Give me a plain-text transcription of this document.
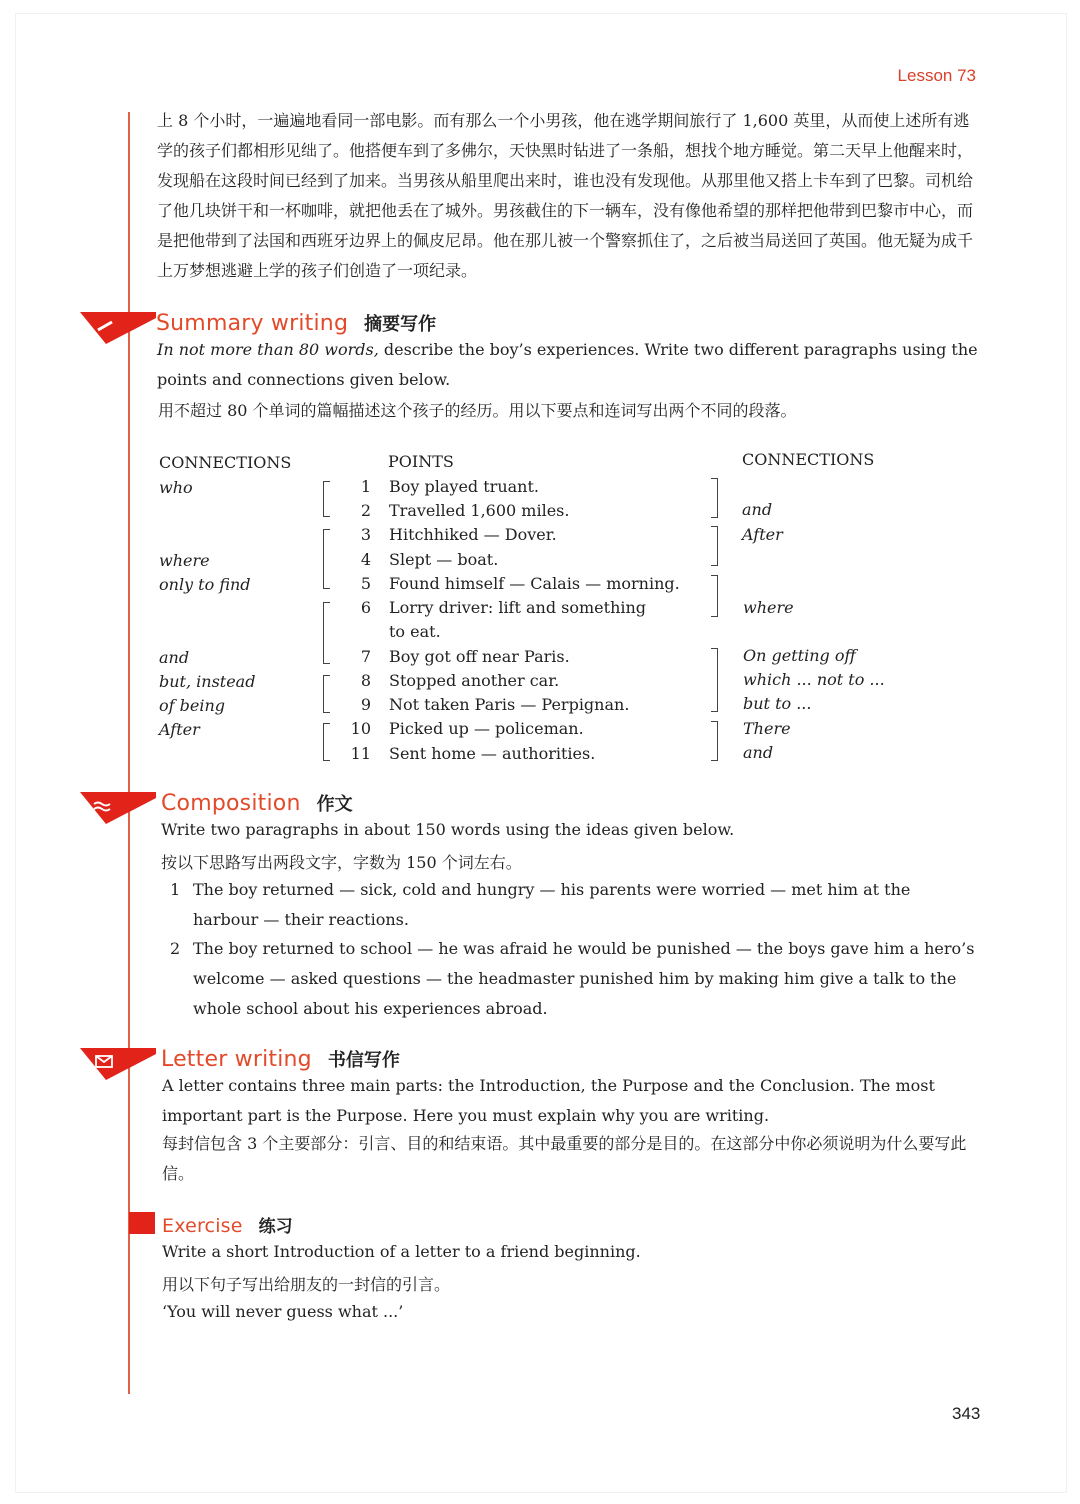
Lesson 73
上 8 个小时，一遍遍地看同一部电影。而有那么一个小男孩，他在逃学期间旅行了 1,600 英里，从而使上述所有逃学的孩子们都相形见绌了。他搭便车到了多佛尔，天快黑时钻进了一条船，想找个地方睡觉。第二天早上他醒来时，发现船在这段时间已经到了加来。当男孩从船里爬出来时，谁也没有发现他。从那里他又搭上卡车到了巴黎。司机给了他几块饼干和一杯咖啡，就把他丢在了城外。男孩截住的下一辆车，没有像他希望的那样把他带到巴黎市中心，而是把他带到了法国和西班牙边界上的佩皮尼昂。他在那儿被一个警察抓住了，之后被当局送回了英国。他无疑为成千上万梦想逃避上学的孩子们创造了一项纪录。
Summary writing 摘要写作
In not more than 80 words, describe the boy’s experiences. Write two different paragraphs using the points and connections given below.
用不超过 80 个单词的篇幅描述这个孩子的经历。用以下要点和连词写出两个不同的段落。
CONNECTIONS	POINTS	CONNECTIONS
who
where
only to find
and
but, instead
of being
After
1 Boy played truant.
2 Travelled 1,600 miles.
3 Hitchhiked — Dover.
4 Slept — boat.
5 Found himself — Calais — morning.
6 Lorry driver: lift and something
to eat.
7 Boy got off near Paris.
8 Stopped another car.
9 Not taken Paris — Perpignan.
10 Picked up — policeman.
11 Sent home — authorities.
and
After
where
On getting off
which ... not to ...
but to ...
There
and
Composition 作文
Write two paragraphs in about 150 words using the ideas given below.
按以下思路写出两段文字，字数为 150 个词左右。
1 The boy returned — sick, cold and hungry — his parents were worried — met him at the harbour — their reactions.
2 The boy returned to school — he was afraid he would be punished — the boys gave him a hero’s welcome — asked questions — the headmaster punished him by making him give a talk to the whole school about his experiences abroad.
Letter writing 书信写作
A letter contains three main parts: the Introduction, the Purpose and the Conclusion. The most important part is the Purpose. Here you must explain why you are writing.
每封信包含 3 个主要部分：引言、目的和结束语。其中最重要的部分是目的。在这部分中你必须说明为什么要写此信。
Exercise 练习
Write a short Introduction of a letter to a friend beginning.
用以下句子写出给朋友的一封信的引言。
‘You will never guess what ...’
343
